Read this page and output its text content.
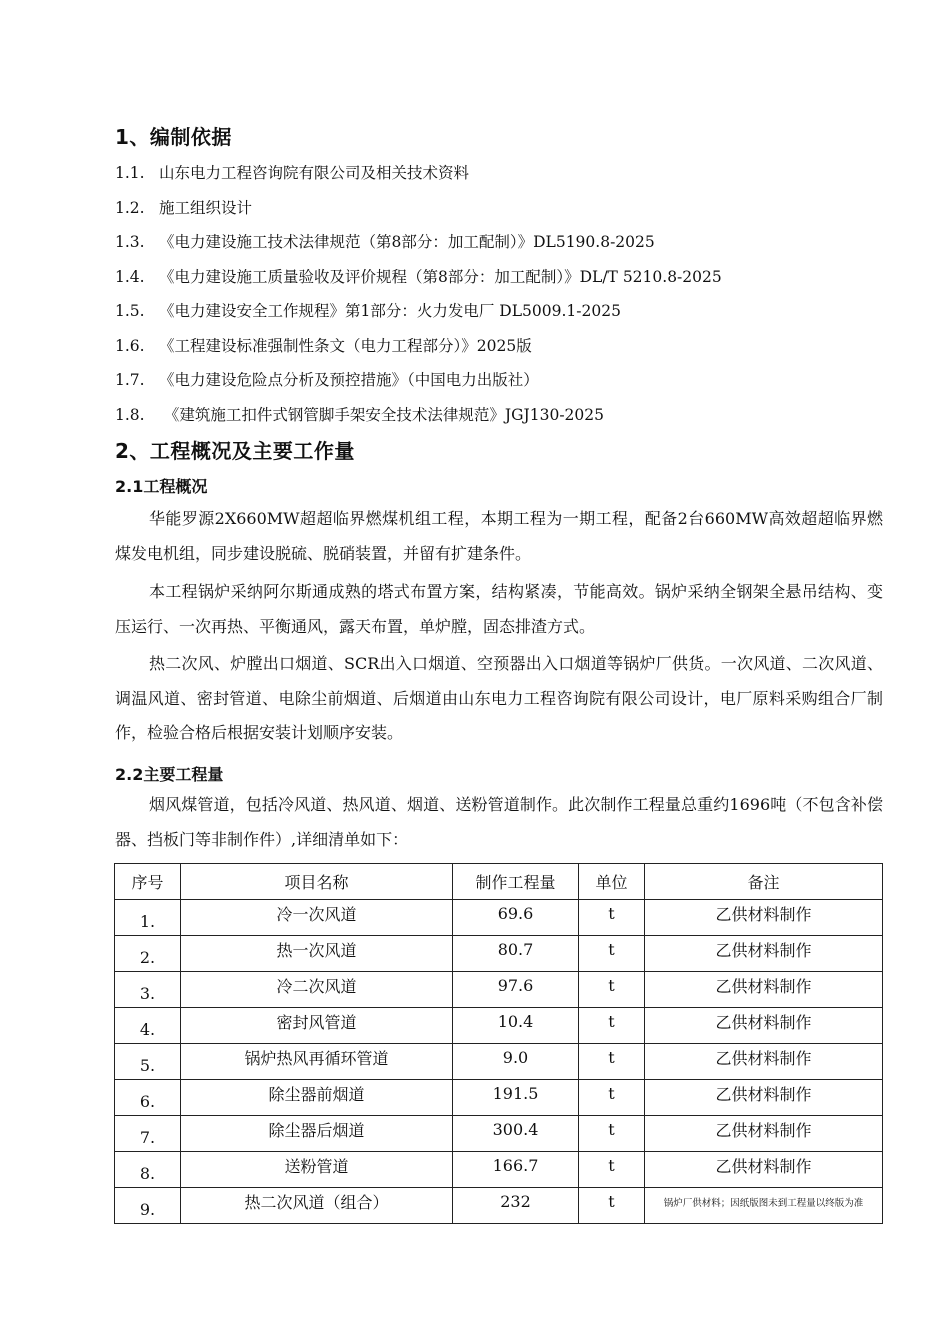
1、编制依据
1.1. 山东电力工程咨询院有限公司及相关技术资料
1.2. 施工组织设计
1.3. 《电力建设施工技术法律规范（第8部分：加工配制）》DL5190.8-2025
1.4. 《电力建设施工质量验收及评价规程（第8部分：加工配制）》DL/T 5210.8-2025
1.5. 《电力建设安全工作规程》第1部分：火力发电厂 DL5009.1-2025
1.6. 《工程建设标准强制性条文（电力工程部分）》2025版
1.7. 《电力建设危险点分析及预控措施》（中国电力出版社）
1.8. 《建筑施工扣件式钢管脚手架安全技术法律规范》JGJ130-2025
2、工程概况及主要工作量
2.1工程概况
华能罗源2X660MW超超临界燃煤机组工程，本期工程为一期工程，配备2台660MW高效超超临界燃煤发电机组，同步建设脱硫、脱硝装置，并留有扩建条件。
本工程锅炉采纳阿尔斯通成熟的塔式布置方案，结构紧凑，节能高效。锅炉采纳全钢架全悬吊结构、变压运行、一次再热、平衡通风，露天布置，单炉膛，固态排渣方式。
热二次风、炉膛出口烟道、SCR出入口烟道、空预器出入口烟道等锅炉厂供货。一次风道、二次风道、调温风道、密封管道、电除尘前烟道、后烟道由山东电力工程咨询院有限公司设计，电厂原料采购组合厂制作，检验合格后根据安装计划顺序安装。
2.2主要工程量
烟风煤管道，包括冷风道、热风道、烟道、送粉管道制作。此次制作工程量总重约1696吨（不包含补偿器、挡板门等非制作件）,详细清单如下：
序号	项目名称	制作工程量	单位	备注
1.	冷一次风道	69.6	t	乙供材料制作
2.	热一次风道	80.7	t	乙供材料制作
3.	冷二次风道	97.6	t	乙供材料制作
4.	密封风管道	10.4	t	乙供材料制作
5.	锅炉热风再循环管道	9.0	t	乙供材料制作
6.	除尘器前烟道	191.5	t	乙供材料制作
7.	除尘器后烟道	300.4	t	乙供材料制作
8.	送粉管道	166.7	t	乙供材料制作
9.	热二次风道（组合）	232	t	锅炉厂供材料；因纸版图未到工程量以终版为准
